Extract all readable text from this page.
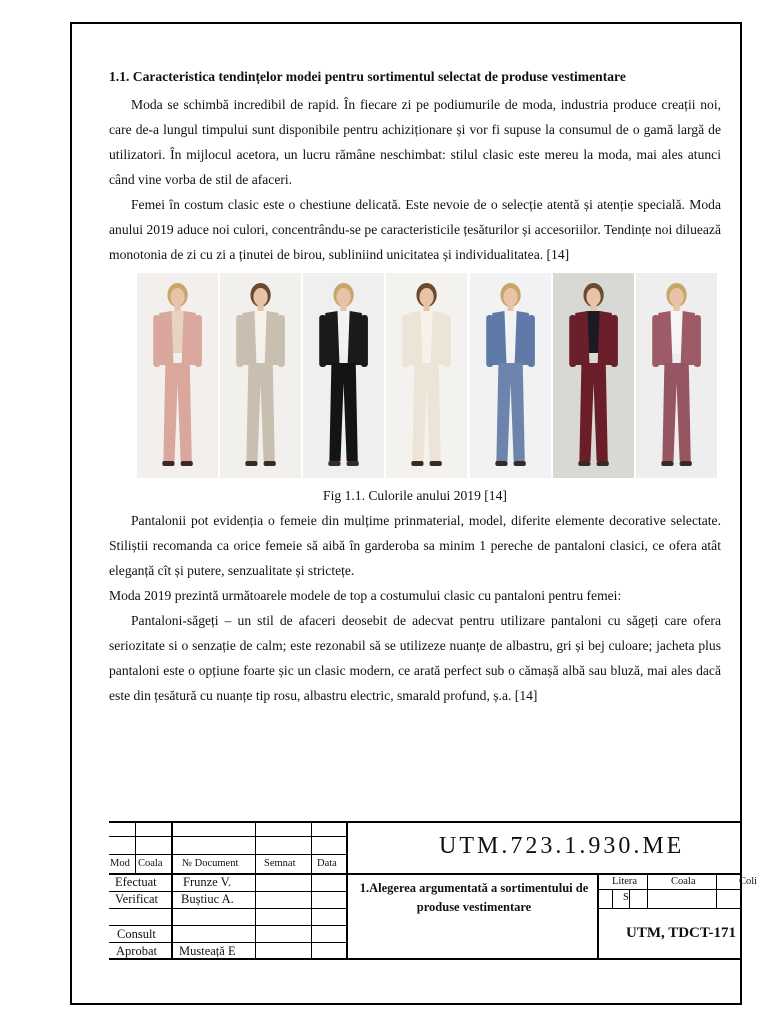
1.1. Caracteristica tendințelor modei pentru sortimentul selectat de produse vestimentare

Moda se schimbă incredibil de rapid. În fiecare zi pe podiumurile de moda, industria produce creații noi, care de-a lungul timpului sunt disponibile pentru achiziționare și vor fi supuse la consumul de o gamă largă de utilizatori. În mijlocul acetora, un lucru rămâne neschimbat: stilul clasic este mereu la moda, mai ales atunci când vine vorba de stil de afaceri.

Femei în costum clasic este o chestiune delicată. Este nevoie de o selecție atentă și atenție specială. Moda anului 2019 aduce noi culori, concentrându-se pe caracteristicile țesăturilor și accesoriilor. Tendințe noi diluează monotonia de zi cu zi a ținutei de birou, subliniind unicitatea și individualitatea. [14]

Fig 1.1. Culorile anului 2019 [14]

Pantalonii pot evidenția o femeie din mulțime prinmaterial, model, diferite elemente decorative selectate. Stiliștii recomanda ca orice femeie să aibă în garderoba sa minim 1 pereche de pantaloni clasici, ce ofera atât eleganță cît și putere, senzualitate și strictețe.

Moda 2019 prezintă următoarele modele de top a costumului clasic cu pantaloni pentru femei:

Pantaloni-săgeți – un stil de afaceri deosebit de adecvat pentru utilizare pantaloni cu săgeți care ofera seriozitate si o senzație de calm; este rezonabil să se utilizeze nuanțe de albastru, gri și bej culoare; jacheta plus pantaloni este o opțiune foarte șic un clasic modern, ce arată perfect sub o cămașă albă sau bluză, mai ales dacă este din țesătură cu nuanțe tip rosu, albastru electric, smarald profund, ș.a. [14]

Mod Coala № Document Semnat Data
Efectuat Frunze V.
Verificat Buștiuc A.
Consult
Aprobat Musteață E
UTM.723.1.930.ME
1.Alegerea argumentată a sortimentului de produse vestimentare
Litera	Coala	Coli
S
UTM, TDCT-171
